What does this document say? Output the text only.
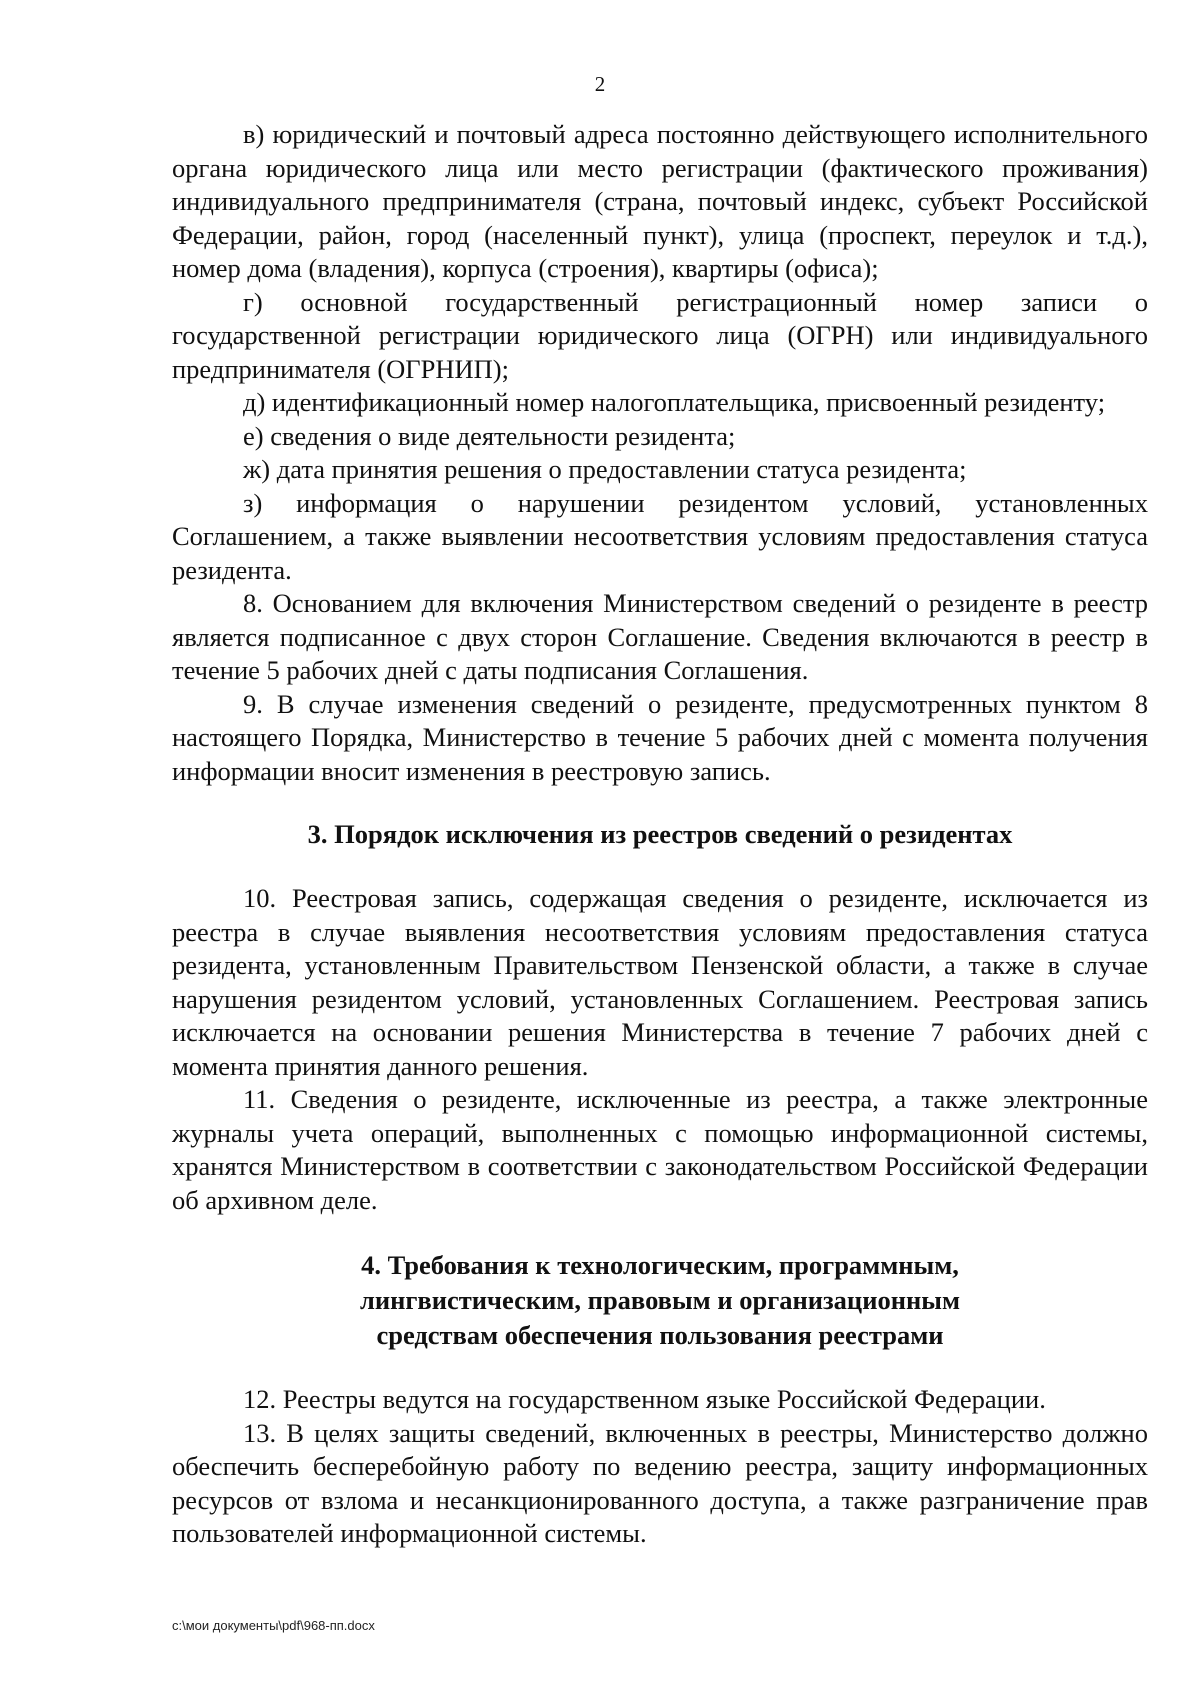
2

в) юридический и почтовый адреса постоянно действующего исполнительного органа юридического лица или место регистрации (фактического проживания) индивидуального предпринимателя (страна, почтовый индекс, субъект Российской Федерации, район, город (населенный пункт), улица (проспект, переулок и т.д.), номер дома (владения), корпуса (строения), квартиры (офиса);

г) основной государственный регистрационный номер записи о государственной регистрации юридического лица (ОГРН) или индивидуального предпринимателя (ОГРНИП);

д) идентификационный номер налогоплательщика, присвоенный резиденту;

е) сведения о виде деятельности резидента;

ж) дата принятия решения о предоставлении статуса резидента;

з) информация о нарушении резидентом условий, установленных Соглашением, а также выявлении несоответствия условиям предоставления статуса резидента.

8. Основанием для включения Министерством сведений о резиденте в реестр является подписанное с двух сторон Соглашение. Сведения включаются в реестр в течение 5 рабочих дней с даты подписания Соглашения.

9. В случае изменения сведений о резиденте, предусмотренных пунктом 8 настоящего Порядка, Министерство в течение 5 рабочих дней с момента получения информации вносит изменения в реестровую запись.

3. Порядок исключения из реестров сведений о резидентах

10. Реестровая запись, содержащая сведения о резиденте, исключается из реестра в случае выявления несоответствия условиям предоставления статуса резидента, установленным Правительством Пензенской области, а также в случае нарушения резидентом условий, установленных Соглашением. Реестровая запись исключается на основании решения Министерства в течение 7 рабочих дней с момента принятия данного решения.

11. Сведения о резиденте, исключенные из реестра, а также электронные журналы учета операций, выполненных с помощью информационной системы, хранятся Министерством в соответствии с законодательством Российской Федерации об архивном деле.

4. Требования к технологическим, программным,
лингвистическим, правовым и организационным
средствам обеспечения пользования реестрами

12. Реестры ведутся на государственном языке Российской Федерации.

13. В целях защиты сведений, включенных в реестры, Министерство должно обеспечить бесперебойную работу по ведению реестра, защиту информационных ресурсов от взлома и несанкционированного доступа, а также разграничение прав пользователей информационной системы.

c:\мои документы\pdf\968-пп.docx
